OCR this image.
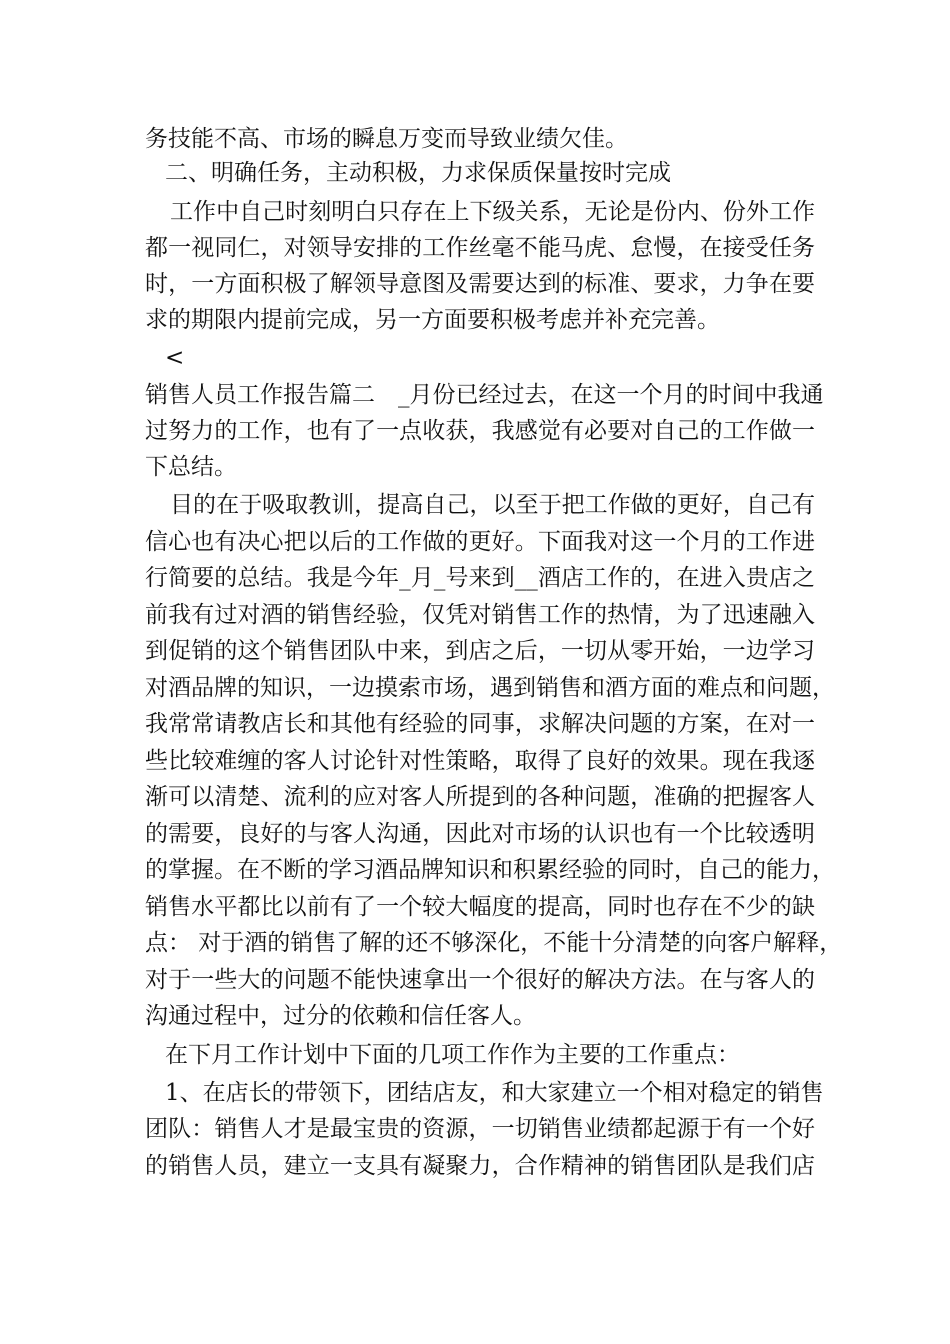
务技能不高、市场的瞬息万变而导致业绩欠佳。
二、明确任务，主动积极，力求保质保量按时完成
工作中自己时刻明白只存在上下级关系，无论是份内、份外工作
都一视同仁，对领导安排的工作丝毫不能马虎、怠慢，在接受任务
时，一方面积极了解领导意图及需要达到的标准、要求，力争在要
求的期限内提前完成，另一方面要积极考虑并补充完善。
<
销售人员工作报告篇二　_月份已经过去，在这一个月的时间中我通
过努力的工作，也有了一点收获，我感觉有必要对自己的工作做一
下总结。
目的在于吸取教训，提高自己，以至于把工作做的更好，自己有
信心也有决心把以后的工作做的更好。下面我对这一个月的工作进
行简要的总结。我是今年_月_号来到__酒店工作的，在进入贵店之
前我有过对酒的销售经验，仅凭对销售工作的热情，为了迅速融入
到促销的这个销售团队中来，到店之后，一切从零开始，一边学习
对酒品牌的知识，一边摸索市场，遇到销售和酒方面的难点和问题，
我常常请教店长和其他有经验的同事，求解决问题的方案，在对一
些比较难缠的客人讨论针对性策略，取得了良好的效果。现在我逐
渐可以清楚、流利的应对客人所提到的各种问题，准确的把握客人
的需要，良好的与客人沟通，因此对市场的认识也有一个比较透明
的掌握。在不断的学习酒品牌知识和积累经验的同时，自己的能力，
销售水平都比以前有了一个较大幅度的提高，同时也存在不少的缺
点： 对于酒的销售了解的还不够深化，不能十分清楚的向客户解释，
对于一些大的问题不能快速拿出一个很好的解决方法。在与客人的
沟通过程中，过分的依赖和信任客人。
在下月工作计划中下面的几项工作作为主要的工作重点：
1、在店长的带领下，团结店友，和大家建立一个相对稳定的销售
团队：销售人才是最宝贵的资源，一切销售业绩都起源于有一个好
的销售人员，建立一支具有凝聚力，合作精神的销售团队是我们店
